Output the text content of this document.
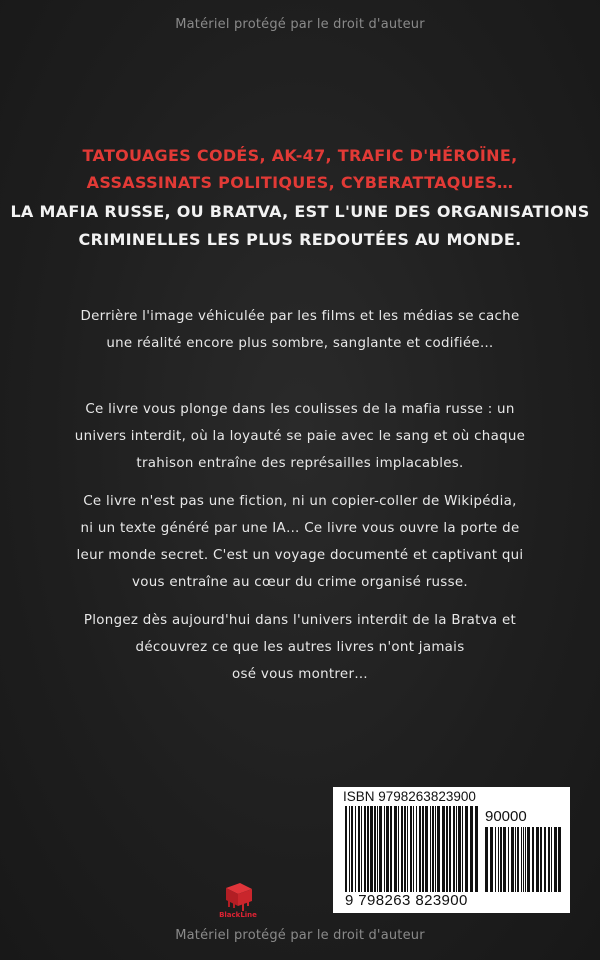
Matériel protégé par le droit d'auteur
TATOUAGES CODÉS, AK-47, TRAFIC D'HÉROÏNE,
ASSASSINATS POLITIQUES, CYBERATTAQUES…
LA MAFIA RUSSE, OU BRATVA, EST L'UNE DES ORGANISATIONS
CRIMINELLES LES PLUS REDOUTÉES AU MONDE.
Derrière l'image véhiculée par les films et les médias se cache
une réalité encore plus sombre, sanglante et codifiée…
Ce livre vous plonge dans les coulisses de la mafia russe : un
univers interdit, où la loyauté se paie avec le sang et où chaque
trahison entraîne des représailles implacables.
Ce livre n'est pas une fiction, ni un copier-coller de Wikipédia,
ni un texte généré par une IA… Ce livre vous ouvre la porte de
leur monde secret. C'est un voyage documenté et captivant qui
vous entraîne au cœur du crime organisé russe.
Plongez dès aujourd'hui dans l'univers interdit de la Bratva et
découvrez ce que les autres livres n'ont jamais
osé vous montrer…
ISBN 9798263823900
90000
9 798263 823900
BlackLine
Matériel protégé par le droit d'auteur
